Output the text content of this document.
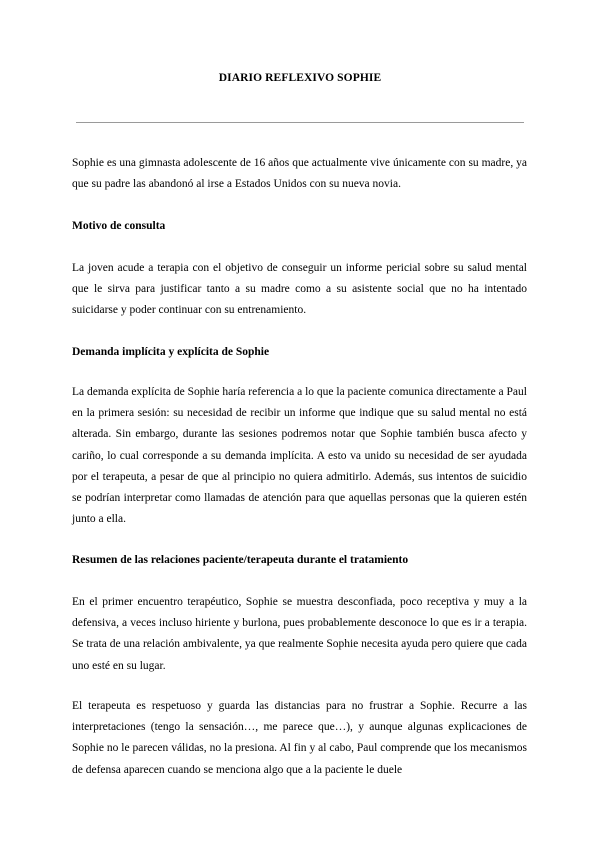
DIARIO REFLEXIVO SOPHIE

Sophie es una gimnasta adolescente de 16 años que actualmente vive únicamente con su madre, ya que su padre las abandonó al irse a Estados Unidos con su nueva novia.

Motivo de consulta

La joven acude a terapia con el objetivo de conseguir un informe pericial sobre su salud mental que le sirva para justificar tanto a su madre como a su asistente social que no ha intentado suicidarse y poder continuar con su entrenamiento.

Demanda implícita y explícita de Sophie

La demanda explícita de Sophie haría referencia a lo que la paciente comunica directamente a Paul en la primera sesión: su necesidad de recibir un informe que indique que su salud mental no está alterada. Sin embargo, durante las sesiones podremos notar que Sophie también busca afecto y cariño, lo cual corresponde a su demanda implícita. A esto va unido su necesidad de ser ayudada por el terapeuta, a pesar de que al principio no quiera admitirlo. Además, sus intentos de suicidio se podrían interpretar como llamadas de atención para que aquellas personas que la quieren estén junto a ella.

Resumen de las relaciones paciente/terapeuta durante el tratamiento

En el primer encuentro terapéutico, Sophie se muestra desconfiada, poco receptiva y muy a la defensiva, a veces incluso hiriente y burlona, pues probablemente desconoce lo que es ir a terapia. Se trata de una relación ambivalente, ya que realmente Sophie necesita ayuda pero quiere que cada uno esté en su lugar.

El terapeuta es respetuoso y guarda las distancias para no frustrar a Sophie. Recurre a las interpretaciones (tengo la sensación…, me parece que…), y aunque algunas explicaciones de Sophie no le parecen válidas, no la presiona. Al fin y al cabo, Paul comprende que los mecanismos de defensa aparecen cuando se menciona algo que a la paciente le duele
